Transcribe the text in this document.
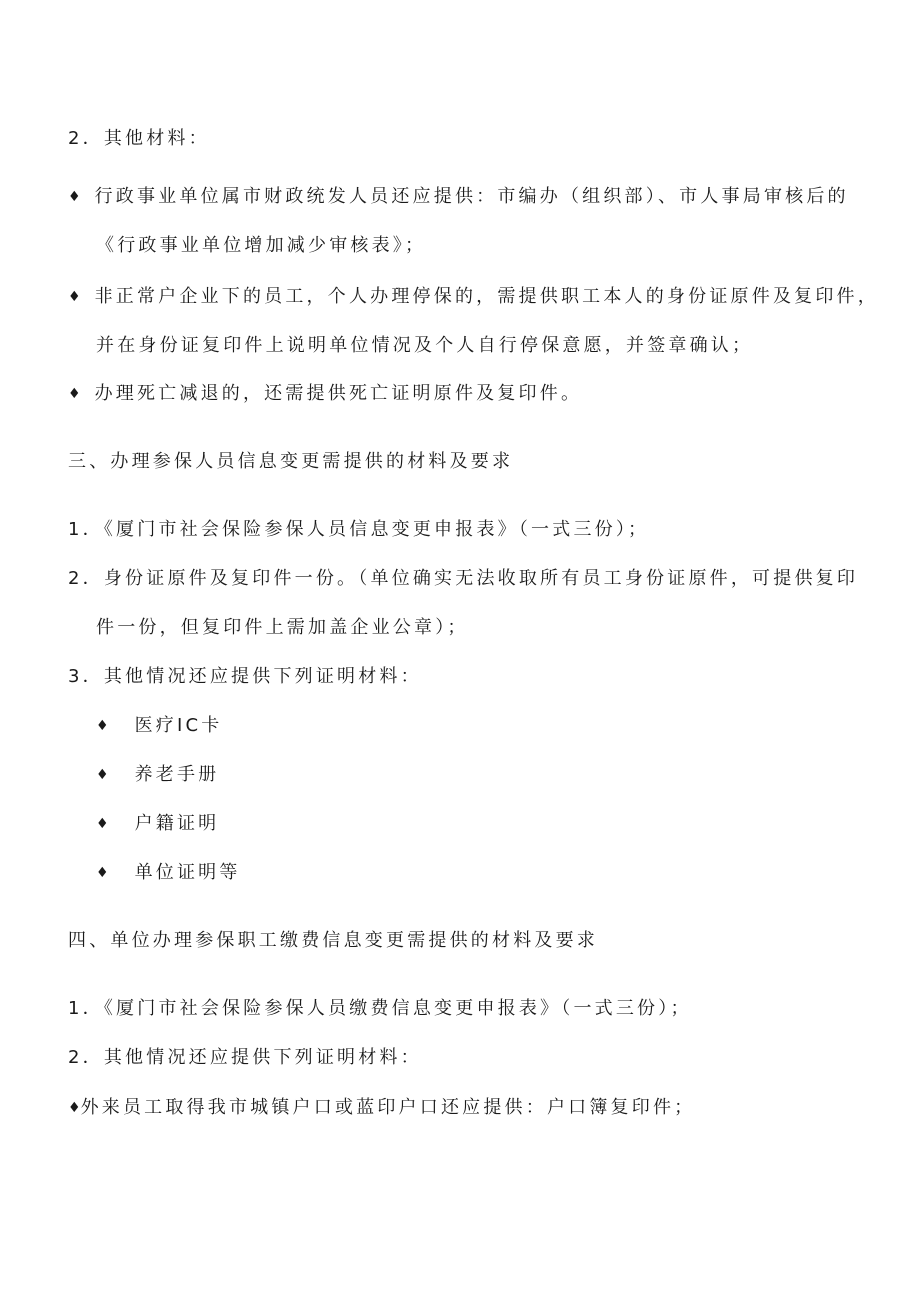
2．其他材料：
♦ 行政事业单位属市财政统发人员还应提供：市编办（组织部）、市人事局审核后的
《行政事业单位增加减少审核表》；
♦ 非正常户企业下的员工，个人办理停保的，需提供职工本人的身份证原件及复印件，
并在身份证复印件上说明单位情况及个人自行停保意愿，并签章确认；
♦ 办理死亡减退的，还需提供死亡证明原件及复印件。
三、办理参保人员信息变更需提供的材料及要求
1．《厦门市社会保险参保人员信息变更申报表》（一式三份）；
2．身份证原件及复印件一份。（单位确实无法收取所有员工身份证原件，可提供复印
件一份，但复印件上需加盖企业公章）；
3．其他情况还应提供下列证明材料：
♦ 医疗IC卡
♦ 养老手册
♦ 户籍证明
♦ 单位证明等
四、单位办理参保职工缴费信息变更需提供的材料及要求
1．《厦门市社会保险参保人员缴费信息变更申报表》（一式三份）；
2．其他情况还应提供下列证明材料：
♦外来员工取得我市城镇户口或蓝印户口还应提供：户口簿复印件；
